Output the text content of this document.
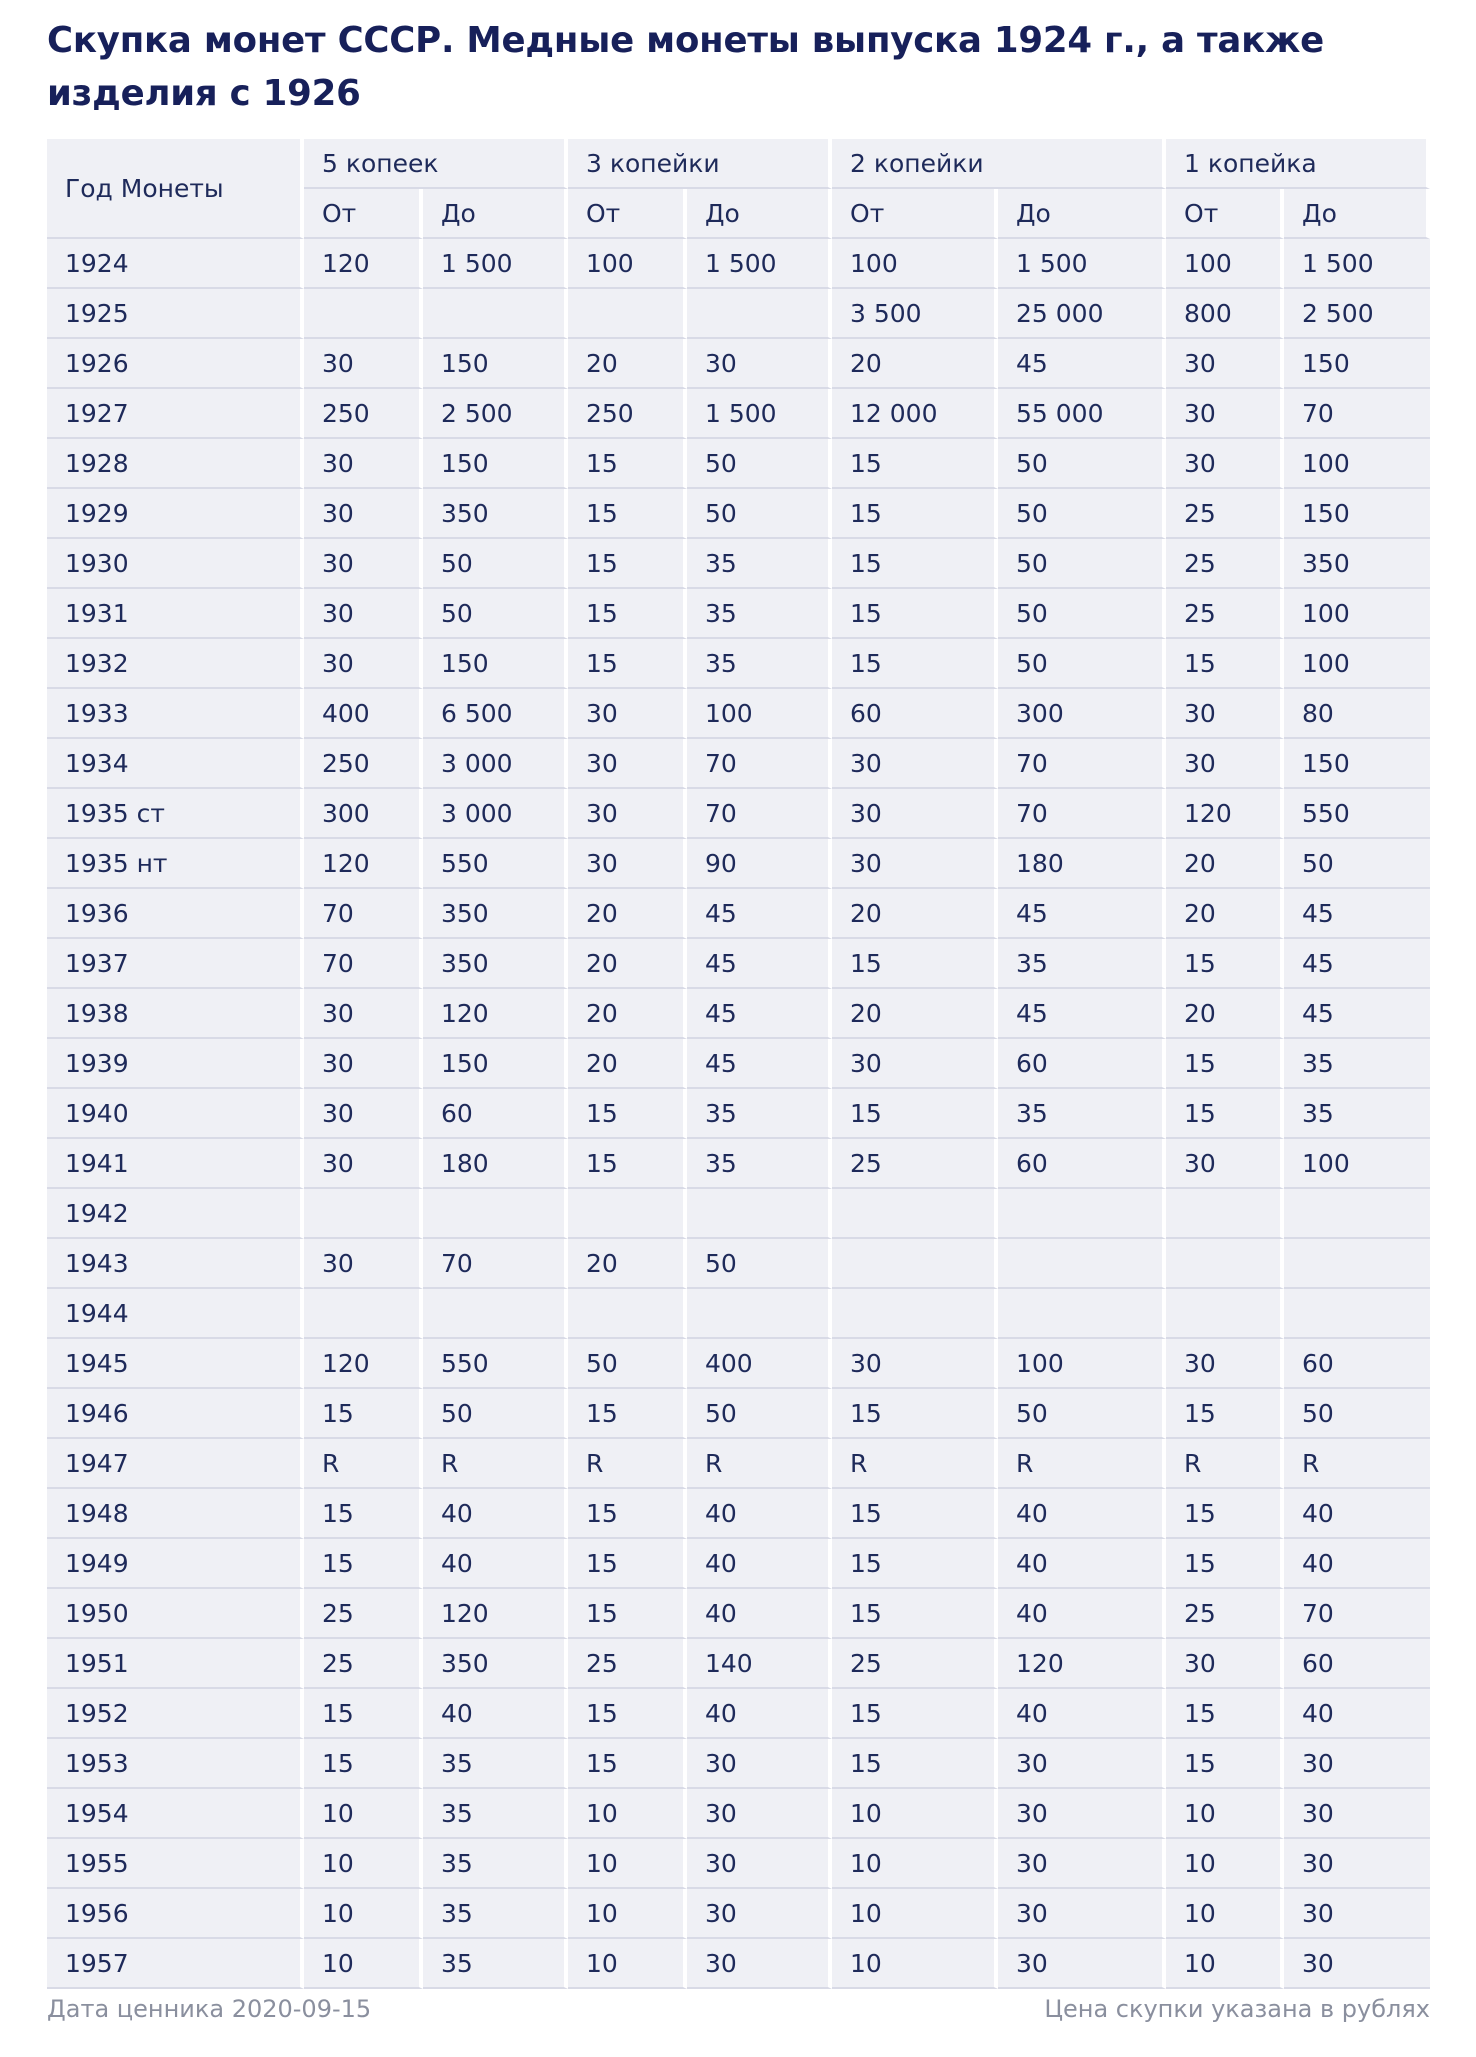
Скупка монет СССР. Медные монеты выпуска 1924 г., а также изделия с 1926
Год Монеты	5 копеек		3 копейки		2 копейки		1 копейка	
	От	До	От	До	От	До	От	До
1924	120	1 500	100	1 500	100	1 500	100	1 500
1925					3 500	25 000	800	2 500
1926	30	150	20	30	20	45	30	150
1927	250	2 500	250	1 500	12 000	55 000	30	70
1928	30	150	15	50	15	50	30	100
1929	30	350	15	50	15	50	25	150
1930	30	50	15	35	15	50	25	350
1931	30	50	15	35	15	50	25	100
1932	30	150	15	35	15	50	15	100
1933	400	6 500	30	100	60	300	30	80
1934	250	3 000	30	70	30	70	30	150
1935 ст	300	3 000	30	70	30	70	120	550
1935 нт	120	550	30	90	30	180	20	50
1936	70	350	20	45	20	45	20	45
1937	70	350	20	45	15	35	15	45
1938	30	120	20	45	20	45	20	45
1939	30	150	20	45	30	60	15	35
1940	30	60	15	35	15	35	15	35
1941	30	180	15	35	25	60	30	100
1942								
1943	30	70	20	50				
1944								
1945	120	550	50	400	30	100	30	60
1946	15	50	15	50	15	50	15	50
1947	R	R	R	R	R	R	R	R
1948	15	40	15	40	15	40	15	40
1949	15	40	15	40	15	40	15	40
1950	25	120	15	40	15	40	25	70
1951	25	350	25	140	25	120	30	60
1952	15	40	15	40	15	40	15	40
1953	15	35	15	30	15	30	15	30
1954	10	35	10	30	10	30	10	30
1955	10	35	10	30	10	30	10	30
1956	10	35	10	30	10	30	10	30
1957	10	35	10	30	10	30	10	30
Дата ценника 2020-09-15	Цена скупки указана в рублях
